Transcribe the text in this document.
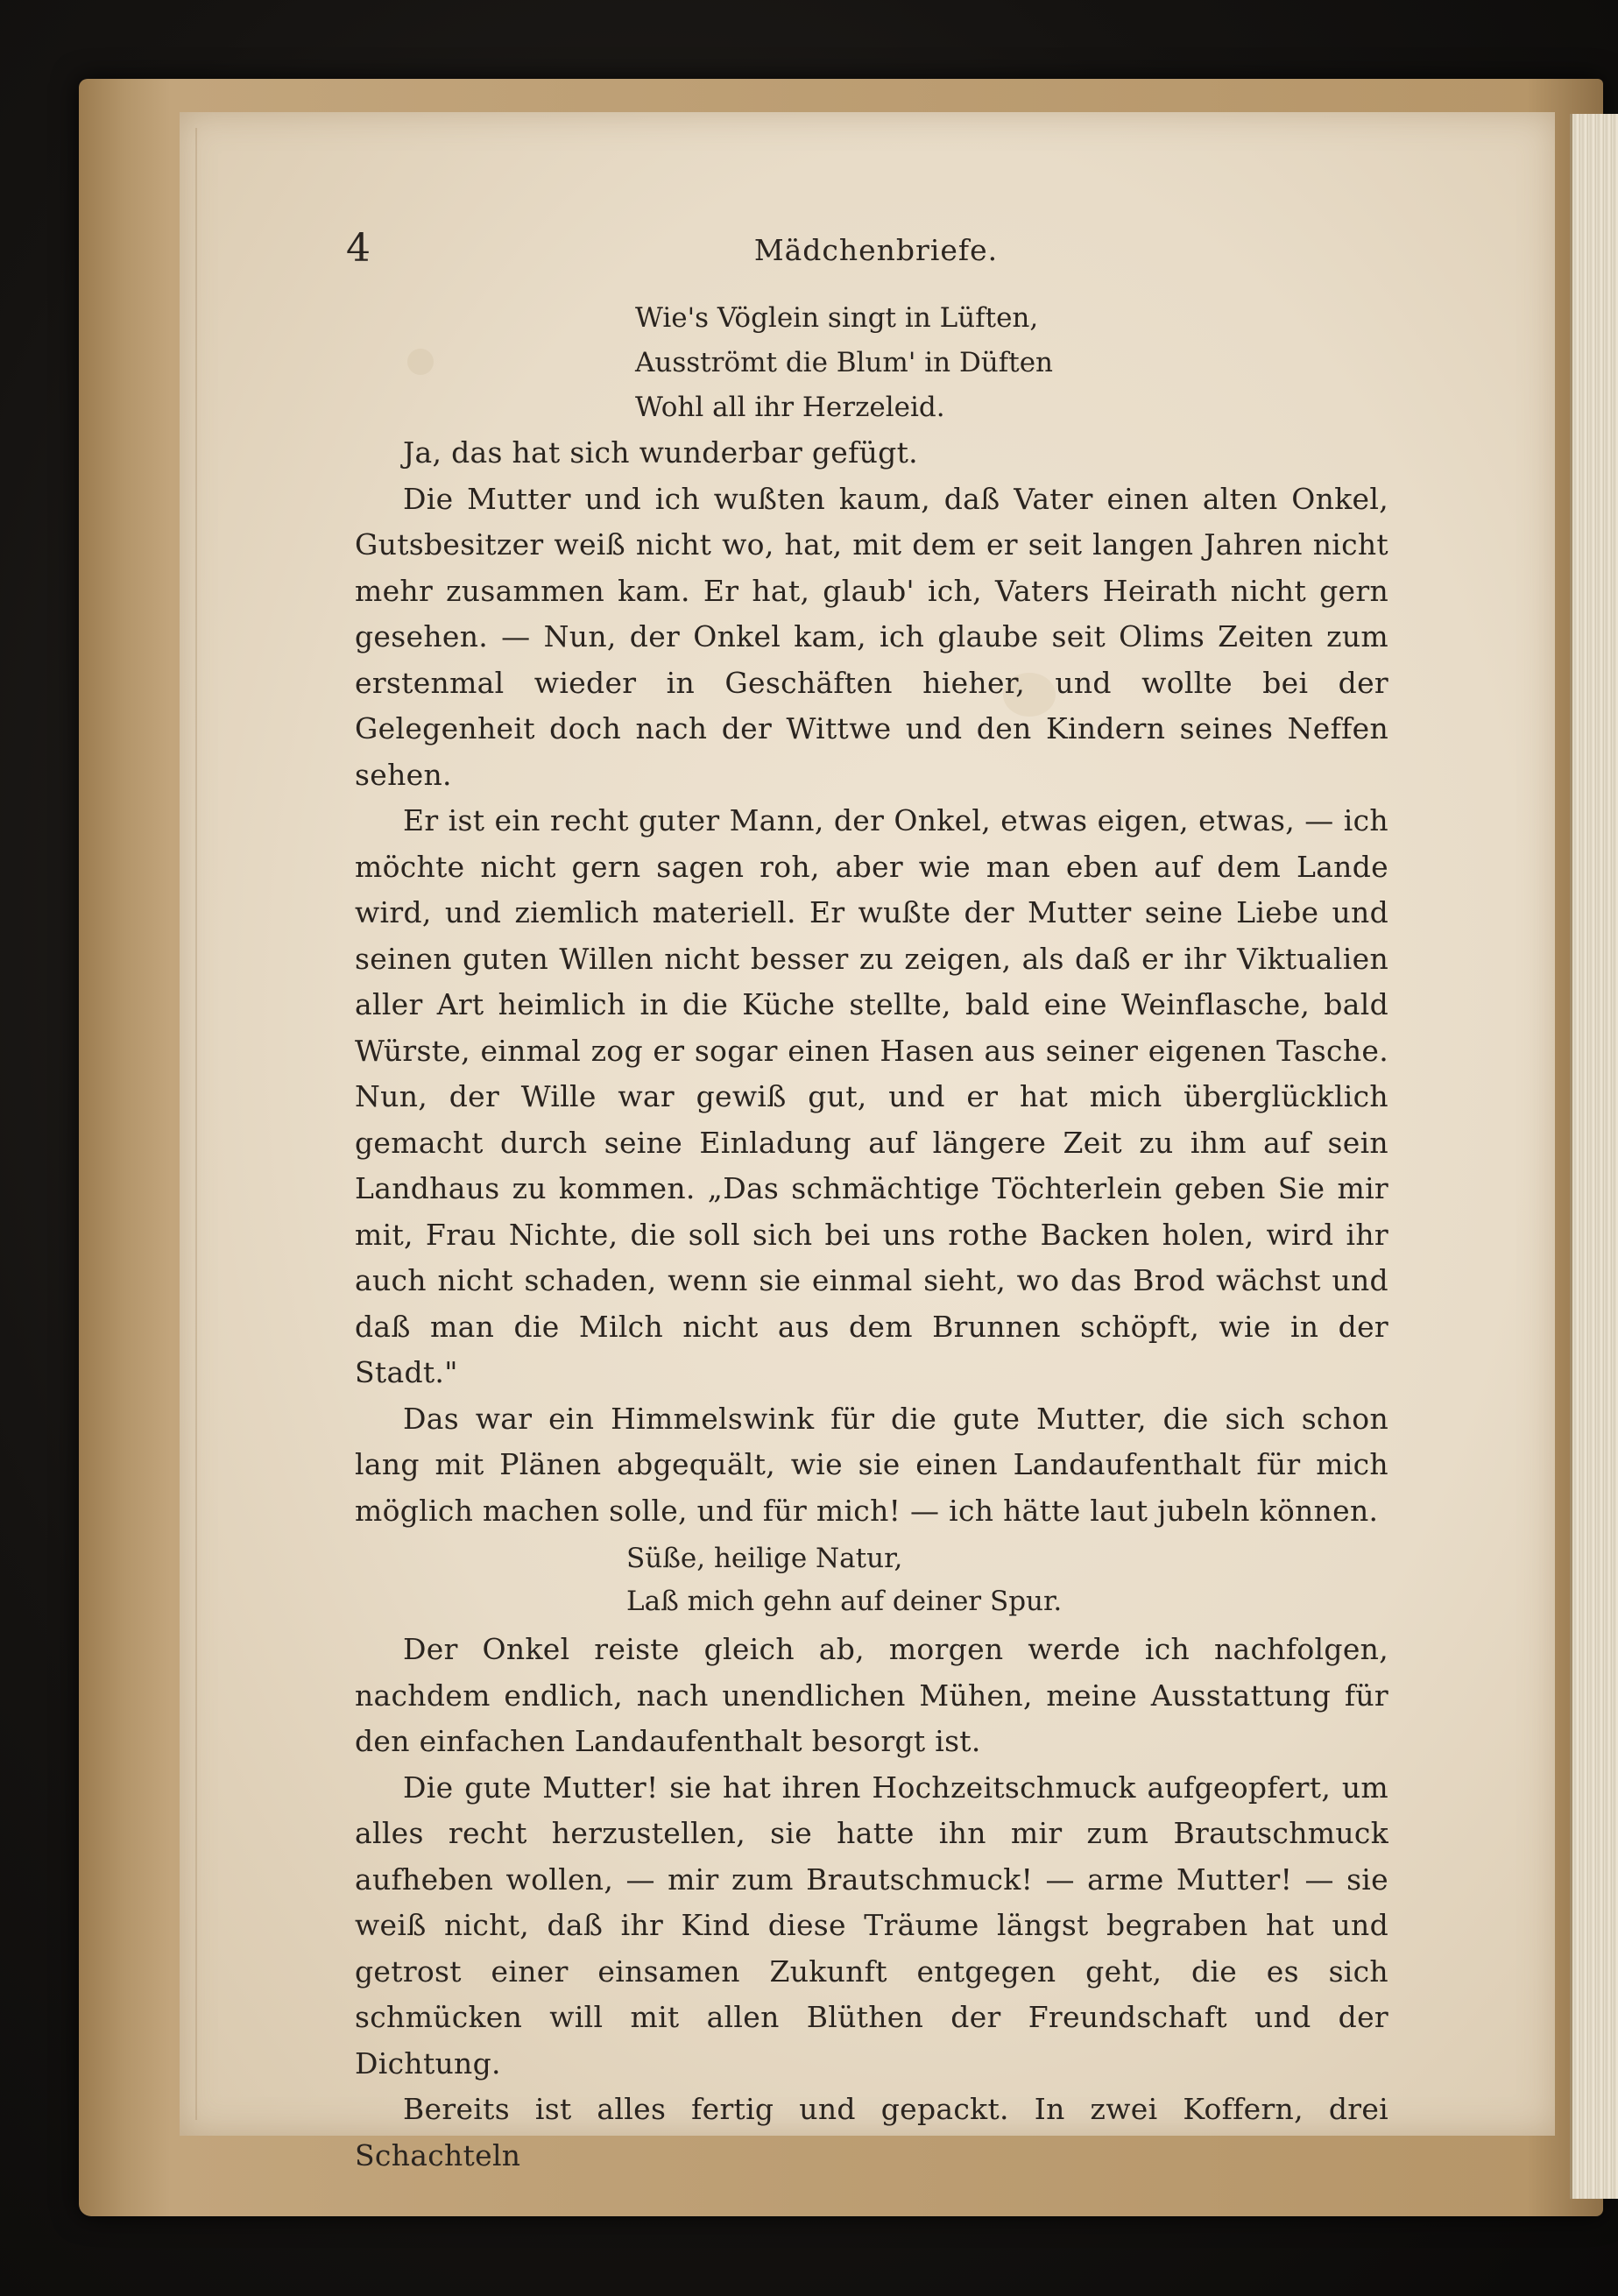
4	Mädchenbriefe.
Wie's Vöglein singt in Lüften,
Ausströmt die Blum' in Düften
Wohl all ihr Herzeleid.

Ja, das hat sich wunderbar gefügt.

Die Mutter und ich wußten kaum, daß Vater einen alten Onkel, Gutsbesitzer weiß nicht wo, hat, mit dem er seit langen Jahren nicht mehr zusammen kam. Er hat, glaub' ich, Vaters Heirath nicht gern gesehen. — Nun, der Onkel kam, ich glaube seit Olims Zeiten zum erstenmal wieder in Geschäften hieher, und wollte bei der Gelegenheit doch nach der Wittwe und den Kindern seines Neffen sehen.

Er ist ein recht guter Mann, der Onkel, etwas eigen, etwas, — ich möchte nicht gern sagen roh, aber wie man eben auf dem Lande wird, und ziemlich materiell. Er wußte der Mutter seine Liebe und seinen guten Willen nicht besser zu zeigen, als daß er ihr Viktualien aller Art heimlich in die Küche stellte, bald eine Weinflasche, bald Würste, einmal zog er sogar einen Hasen aus seiner eigenen Tasche. Nun, der Wille war gewiß gut, und er hat mich überglücklich gemacht durch seine Einladung auf längere Zeit zu ihm auf sein Landhaus zu kommen. „Das schmächtige Töchterlein geben Sie mir mit, Frau Nichte, die soll sich bei uns rothe Backen holen, wird ihr auch nicht schaden, wenn sie einmal sieht, wo das Brod wächst und daß man die Milch nicht aus dem Brunnen schöpft, wie in der Stadt."

Das war ein Himmelswink für die gute Mutter, die sich schon lang mit Plänen abgequält, wie sie einen Landaufenthalt für mich möglich machen solle, und für mich! — ich hätte laut jubeln können.

Süße, heilige Natur,
Laß mich gehn auf deiner Spur.

Der Onkel reiste gleich ab, morgen werde ich nachfolgen, nachdem endlich, nach unendlichen Mühen, meine Ausstattung für den einfachen Landaufenthalt besorgt ist.

Die gute Mutter! sie hat ihren Hochzeitschmuck aufgeopfert, um alles recht herzustellen, sie hatte ihn mir zum Brautschmuck aufheben wollen, — mir zum Brautschmuck! — arme Mutter! — sie weiß nicht, daß ihr Kind diese Träume längst begraben hat und getrost einer einsamen Zukunft entgegen geht, die es sich schmücken will mit allen Blüthen der Freundschaft und der Dichtung.

Bereits ist alles fertig und gepackt. In zwei Koffern, drei Schachteln
